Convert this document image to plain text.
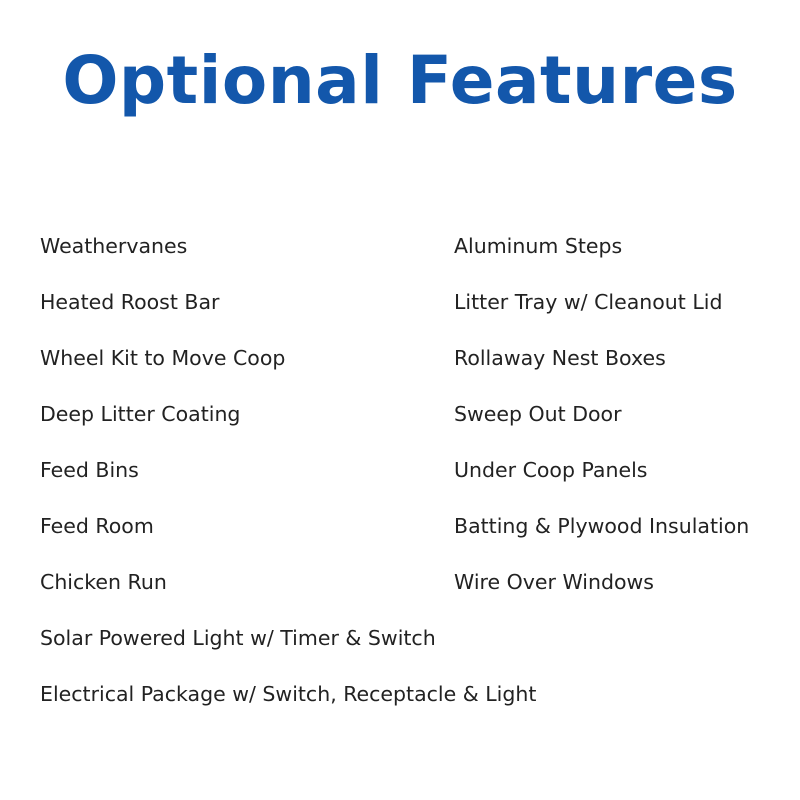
Optional Features
Weathervanes
Heated Roost Bar
Wheel Kit to Move Coop
Deep Litter Coating
Feed Bins
Feed Room
Chicken Run
Solar Powered Light w/ Timer & Switch
Electrical Package w/ Switch, Receptacle & Light
Aluminum Steps
Litter Tray w/ Cleanout Lid
Rollaway Nest Boxes
Sweep Out Door
Under Coop Panels
Batting & Plywood Insulation
Wire Over Windows
